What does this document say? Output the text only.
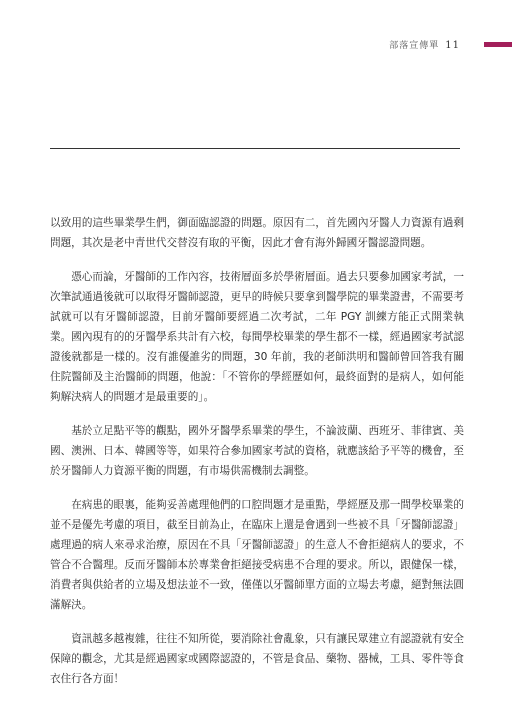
部落宣傳單 11

以致用的這些畢業學生們，御面臨認證的問題。原因有二，首先國內牙醫人力資源有過剩問題，其次是老中青世代交替沒有取的平衡，因此才會有海外歸國牙醫認證問題。

憑心而論，牙醫師的工作內容，技術層面多於學術層面。過去只要參加國家考試，一次筆試通過後就可以取得牙醫師認證，更早的時候只要拿到醫學院的畢業證書，不需要考試就可以有牙醫師認證，目前牙醫師要經過二次考試，二年 PGY 訓練方能正式開業執業。國內現有的的牙醫學系共計有六校，每間學校畢業的學生都不一樣，經過國家考試認證後就都是一樣的。沒有誰優誰劣的問題，30 年前，我的老師洪明和醫師曾回答我有關住院醫師及主治醫師的問題，他說：「不管你的學經歷如何，最終面對的是病人，如何能夠解決病人的問題才是最重要的」。

基於立足點平等的觀點，國外牙醫學系畢業的學生，不論波蘭、西班牙、菲律賓、美國、澳洲、日本、韓國等等，如果符合參加國家考試的資格，就應該給予平等的機會，至於牙醫師人力資源平衡的問題，有市場供需機制去調整。

在病患的眼裏，能夠妥善處理他們的口腔問題才是重點，學經歷及那一間學校畢業的並不是優先考慮的項目，截至目前為止，在臨床上還是會遇到一些被不具「牙醫師認證」處理過的病人來尋求治療，原因在不具「牙醫師認證」的生意人不會拒絕病人的要求，不管合不合醫理。反而牙醫師本於專業會拒絕接受病患不合理的要求。所以，跟健保一樣，消費者與供給者的立場及想法並不一致，僅僅以牙醫師單方面的立場去考慮，絕對無法圓滿解決。

資訊越多越複雜，往往不知所從，要消除社會亂象，只有讓民眾建立有認證就有安全保障的觀念，尤其是經過國家或國際認證的，不管是食品、藥物、器械，工具、零件等食衣住行各方面！
